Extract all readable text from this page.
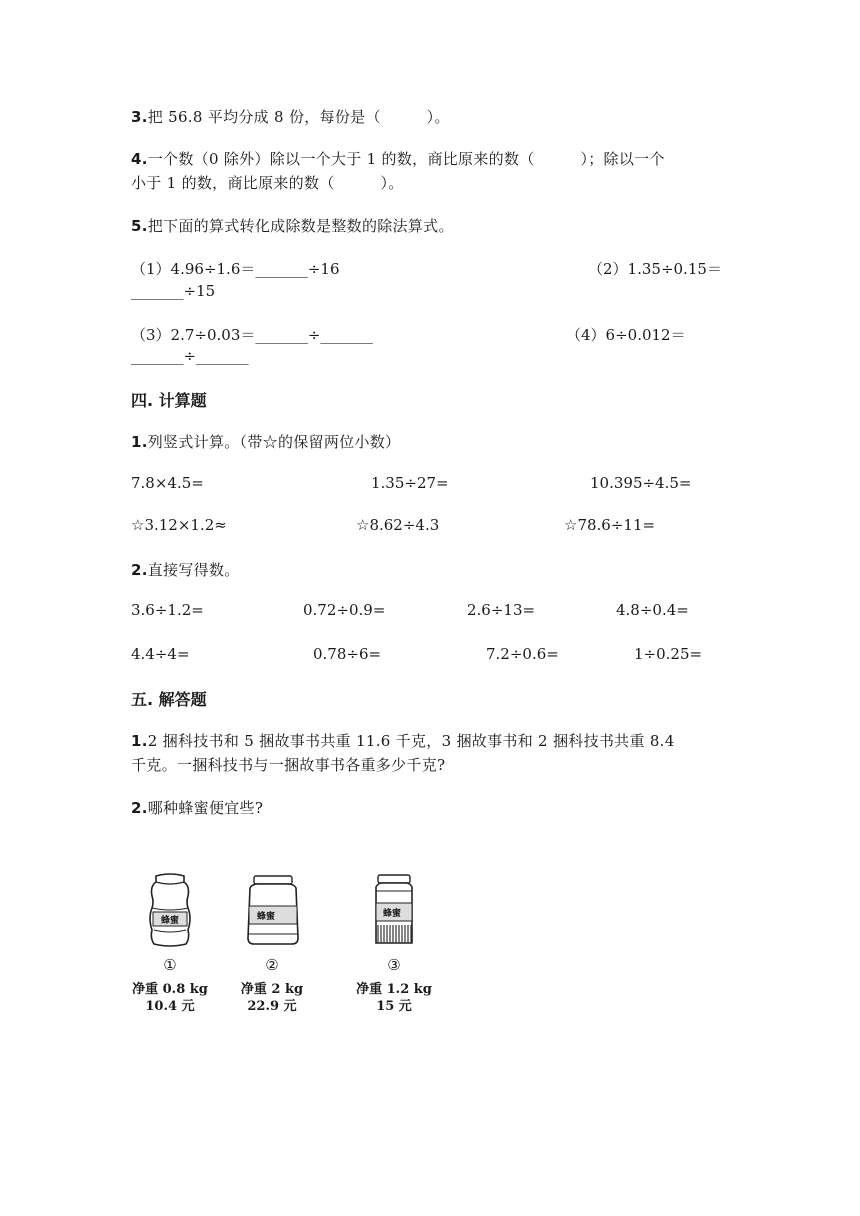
3.把 56.8 平均分成 8 份，每份是（　　　）。
4.一个数（0 除外）除以一个大于 1 的数，商比原来的数（　　　）；除以一个
小于 1 的数，商比原来的数（　　　）。
5.把下面的算式转化成除数是整数的除法算式。
（1）4.96÷1.6＝_______÷16	（2）1.35÷0.15＝
_______÷15
（3）2.7÷0.03＝_______÷_______	（4）6÷0.012＝
_______÷_______
四. 计算题
1.列竖式计算。（带☆的保留两位小数）
7.8×4.5=	1.35÷27=	10.395÷4.5=
☆3.12×1.2≈	☆8.62÷4.3	☆78.6÷11=
2.直接写得数。
3.6÷1.2=	0.72÷0.9=	2.6÷13=	4.8÷0.4=
4.4÷4=	0.78÷6=	7.2÷0.6=	1÷0.25=
五. 解答题
1.2 捆科技书和 5 捆故事书共重 11.6 千克，3 捆故事书和 2 捆科技书共重 8.4
千克。一捆科技书与一捆故事书各重多少千克?
2.哪种蜂蜜便宜些?
蜂蜜
①
净重 0.8 kg
10.4 元
蜂蜜
②
净重 2 kg
22.9 元
蜂蜜
③
净重 1.2 kg
15 元
